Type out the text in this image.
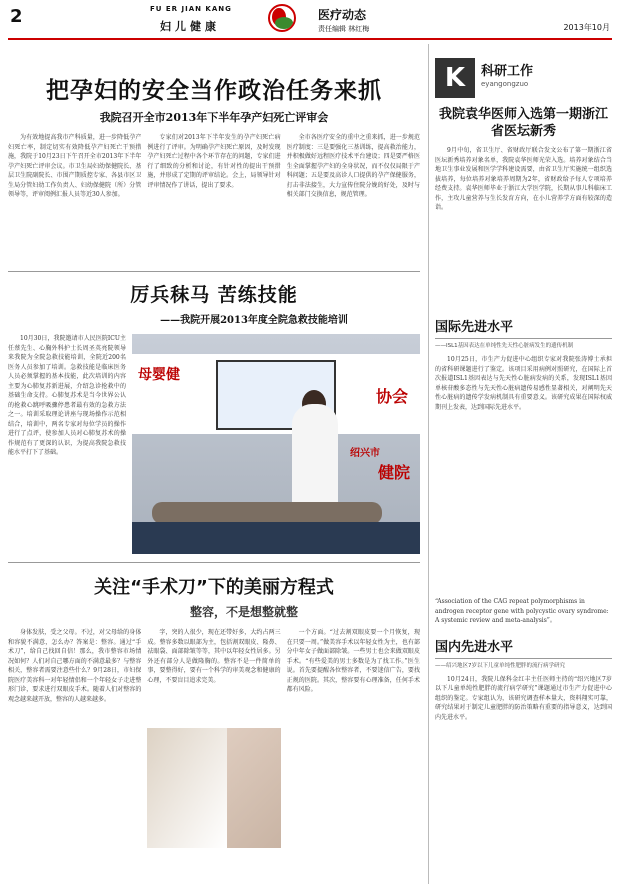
2	FU ER JIAN KANG
妇儿健康
医疗动态
责任编辑 林红梅	2013年10月
把孕妇的安全当作政治任务来抓
我院召开全市2013年下半年孕产妇死亡评审会
为有效地提高我市产科质量，进一步降低孕产妇死亡率，制定切实有效降低孕产妇死亡干预措施，我院于10月23日下午召开全市2013年下半年孕产妇死亡评审会议。市卫生局妇幼保健院长、基层卫生院副院长、市围产期质控专家、各县市区卫生局分管妇幼工作负责人、妇幼保健院（所）分管领导等，评审阅例汇报人员等近30人参加。
专家们对2013年下半年发生的孕产妇死亡病例进行了评审。为明确孕产妇死亡原因，及时发现孕产妇死亡过程中各个环节存在的问题，专家们进行了细致的分析和讨论，有针对性的提出干预措施，并形成了定期的评审结论。会上，局领导针对评审情况作了讲话，提出了要求。
全市各医疗安全的重中之重来抓，进一步规范医疗制度：三是要强化三基训练，提高救治能力，并积极做好远程医疗技术平台建设；四是要严格医生全面掌握孕产妇的全身状况，而不仅仅局限于产科问题；五是要及高诊人口提供的孕产保健服务，打击非法接生，大力宣传住院分娩的好处，及时与相关部门交换信息，规范管理。
厉兵秣马 苦练技能
——我院开展2013年度全院急救技能培训
10月30日，我院邀请市人民医院ICU主任蔡先生、心胸外科护士长周圣英亮院领导来我院为全院急救技能培训，全院近200名医务人员参加了培训。急救技能是临床医务人员必须掌握的基本技能，此次培训的内容主要为心肺复苏新进展，介绍急诊抢救中的基础生命支持。心肺复苏术是当今世界公认的抢救心跳呼吸骤停患者最有效的急救方法之一。培训采取理论讲座与现场操作示范相结合，培训中，两名专家对每位学员的操作进行了点评，使参加人员对心肺复苏术的操作规范有了更深的认识，为提高我院急救技能水平打下了基础。
母婴健
协会
绍兴市
健院
关注“手术刀”下的美丽方程式
整容，不是想整就整
身体发肤，受之父母。不过，对父母给的身体和容貌不满意，怎么办？答案是：整容。通过“手术刀”，给自己找回自信！那么，我市整容市场情况如何？人们对自己哪方面的不满意最多？与整容相关，整容者需要注意些什么？9月28日，市妇保院医疗美容科一对年轻情侣和一个年轻女子走进整形门诊，要求进行双眼皮手术。随着人们对整容的观念越来越开放，整容的人越来越多。
字，突的人很少，现在还带好多，大约占两三成。整容多数以眼部为主，包括割双眼皮、隆鼻、祛眼袋、面部除皱等等，其中以年轻女性居多。另外还有部分人是做隆胸的。整容不是一件简单的事，要整得好，要有一个科学的审美观念和健康的心理，不要盲目追求完美。
一个方面。“过去割双眼皮要一个月恢复，现在只要一周。”做美容手术以年轻女性为主，也有部分中年女子做面部除皱。一些男士也会来做双眼皮手术。“有些爱美的男士多数是为了找工作。”医生说。首先要提醒各位整容者，不要迷信广告，要找正规的医院。其次，整容要有心理准备，任何手术都有风险。
K	科研工作
eyangongzuo
我院袁华医师入选第一期浙江省医坛新秀
9月中旬，省卫生厅、省财政厅联合发文公布了第一期浙江省医坛新秀培养对象名单，我院袁华医师光荣入选。培养对象结合当地卫生事业发展和医学学科建设需要，由省卫生厅实施统一组织选拔培养，每位培养对象培养周期为2年，省财政给予每人专项培养经费支持。袁华医师毕业于浙江大学医学院，长期从事儿科临床工作，主攻儿童营养与生长发育方向，在小儿营养学方面有较深的造诣。
国际先进水平
——ISL1基因表达在单纯性先天性心脏病发生的遗传机制
10月25日，市生产力促进中心组织专家对我院张涛博士承担的省科研课题进行了鉴定。该项目采用病例对照研究，在国际上首次报道ISL1基因表达与先天性心脏病发病的关系，发现ISL1基因单核苷酸多态性与先天性心脏病遗传易感性显著相关，对阐明先天性心脏病的遗传学发病机制具有重要意义。该研究成果在国际权威期刊上发表，达到国际先进水平。
“Association of the CAG repeat polymorphisms in androgen receptor gene with polycystic ovary syndrome: A systemic review and meta-analysis”。
国内先进水平
——绍兴地区7岁以下儿童单纯性肥胖的流行病学研究
10月24日，我院儿保科金红丰主任医师主持的“绍兴地区7岁以下儿童单纯性肥胖的流行病学研究”课题通过市生产力促进中心组织的鉴定。专家组认为，该研究调查样本量大，资料翔实可靠，研究结果对于制定儿童肥胖的防治策略有重要的指导意义，达到国内先进水平。
